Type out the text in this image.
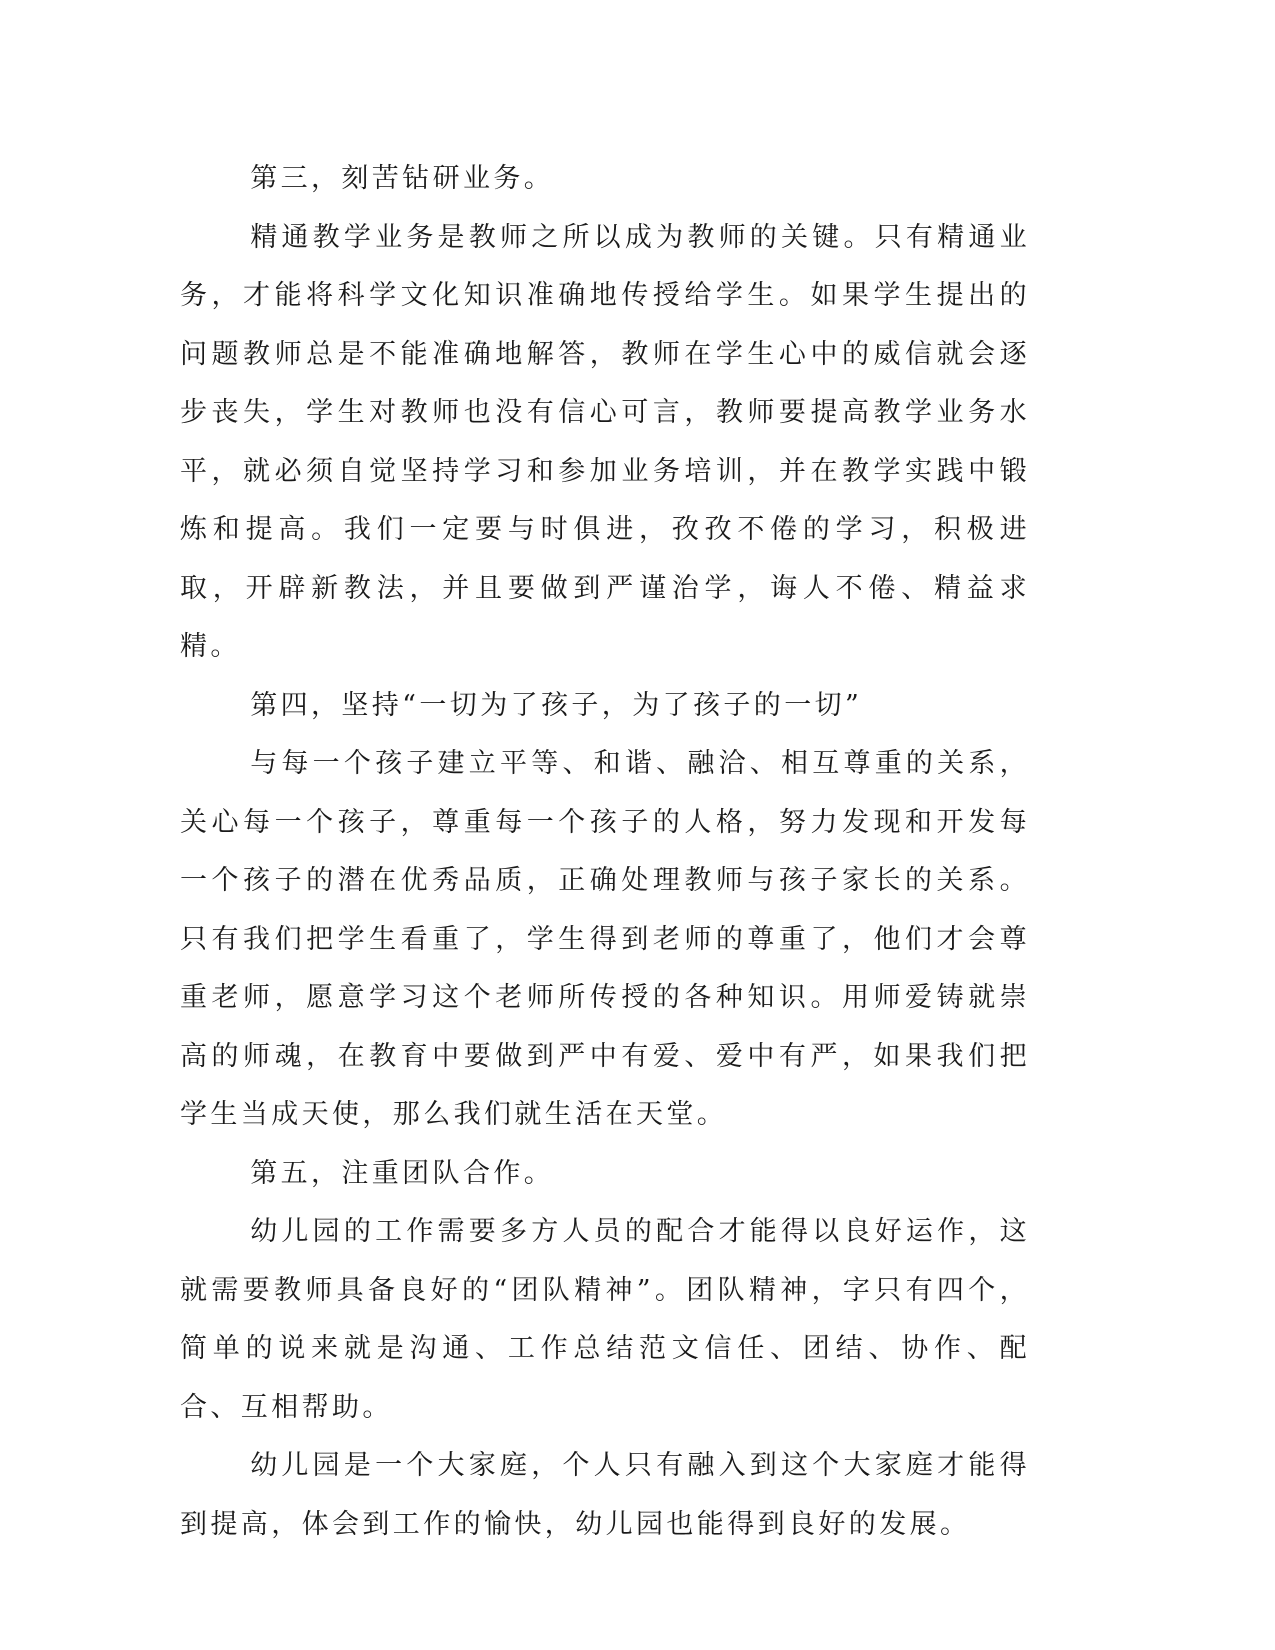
第三，刻苦钻研业务。

精通教学业务是教师之所以成为教师的关键。只有精通业务，才能将科学文化知识准确地传授给学生。如果学生提出的问题教师总是不能准确地解答，教师在学生心中的威信就会逐步丧失，学生对教师也没有信心可言，教师要提高教学业务水平，就必须自觉坚持学习和参加业务培训，并在教学实践中锻炼和提高。我们一定要与时俱进，孜孜不倦的学习，积极进取，开辟新教法，并且要做到严谨治学，诲人不倦、精益求精。

第四，坚持“一切为了孩子，为了孩子的一切”

与每一个孩子建立平等、和谐、融洽、相互尊重的关系，关心每一个孩子，尊重每一个孩子的人格，努力发现和开发每一个孩子的潜在优秀品质，正确处理教师与孩子家长的关系。只有我们把学生看重了，学生得到老师的尊重了，他们才会尊重老师，愿意学习这个老师所传授的各种知识。用师爱铸就崇高的师魂，在教育中要做到严中有爱、爱中有严，如果我们把学生当成天使，那么我们就生活在天堂。

第五，注重团队合作。

幼儿园的工作需要多方人员的配合才能得以良好运作，这就需要教师具备良好的“团队精神”。团队精神，字只有四个，简单的说来就是沟通、工作总结范文信任、团结、协作、配合、互相帮助。

幼儿园是一个大家庭，个人只有融入到这个大家庭才能得到提高，体会到工作的愉快，幼儿园也能得到良好的发展。
